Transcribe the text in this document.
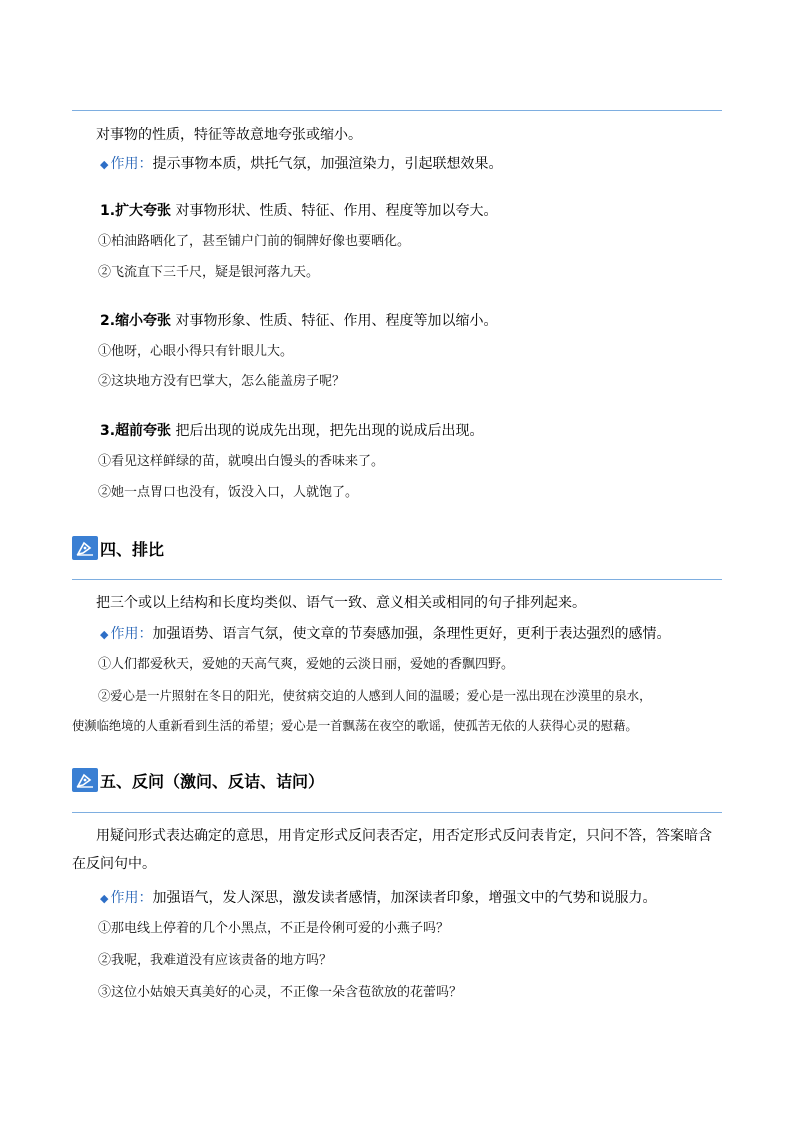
对事物的性质，特征等故意地夸张或缩小。
◆ 作用：提示事物本质，烘托气氛，加强渲染力，引起联想效果。
1.扩大夸张 对事物形状、性质、特征、作用、程度等加以夸大。
①柏油路晒化了，甚至铺户门前的铜牌好像也要晒化。
②飞流直下三千尺，疑是银河落九天。
2.缩小夸张 对事物形象、性质、特征、作用、程度等加以缩小。
①他呀，心眼小得只有针眼儿大。
②这块地方没有巴掌大，怎么能盖房子呢？
3.超前夸张 把后出现的说成先出现，把先出现的说成后出现。
①看见这样鲜绿的苗，就嗅出白馒头的香味来了。
②她一点胃口也没有，饭没入口，人就饱了。
四、排比
把三个或以上结构和长度均类似、语气一致、意义相关或相同的句子排列起来。
◆ 作用：加强语势、语言气氛，使文章的节奏感加强，条理性更好，更利于表达强烈的感情。
①人们都爱秋天，爱她的天高气爽，爱她的云淡日丽，爱她的香飘四野。
②爱心是一片照射在冬日的阳光，使贫病交迫的人感到人间的温暖；爱心是一泓出现在沙漠里的泉水，
使濒临绝境的人重新看到生活的希望；爱心是一首飘荡在夜空的歌谣，使孤苦无依的人获得心灵的慰藉。
五、反问（激问、反诘、诘问）
用疑问形式表达确定的意思，用肯定形式反问表否定，用否定形式反问表肯定，只问不答，答案暗含在反问句中。
◆ 作用：加强语气，发人深思，激发读者感情，加深读者印象，增强文中的气势和说服力。
①那电线上停着的几个小黑点，不正是伶俐可爱的小燕子吗？
②我呢，我难道没有应该责备的地方吗？
③这位小姑娘天真美好的心灵，不正像一朵含苞欲放的花蕾吗？
